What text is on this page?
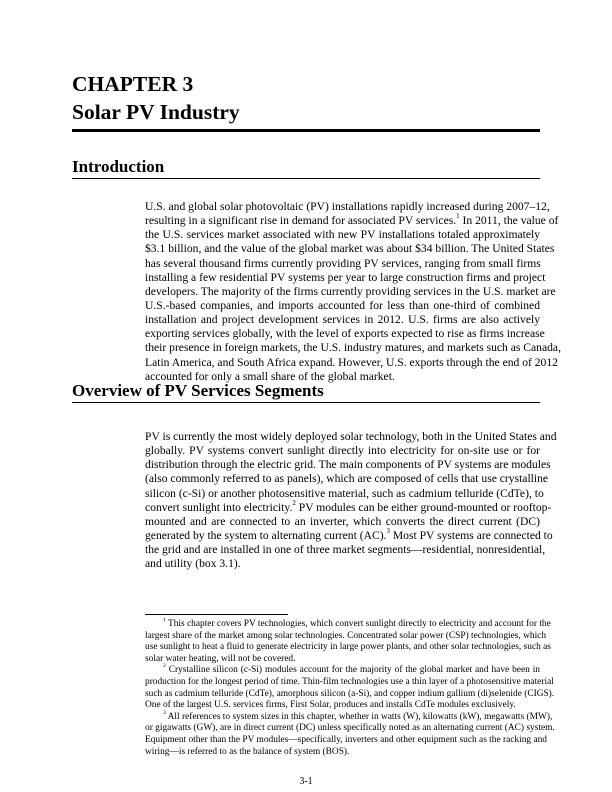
CHAPTER 3
Solar PV Industry
Introduction
U.S. and global solar photovoltaic (PV) installations rapidly increased during 2007–12,
resulting in a significant rise in demand for associated PV services.$^1$ In 2011, the value of
the U.S. services market associated with new PV installations totaled approximately
$3.1 billion, and the value of the global market was about $34 billion. The United States
has several thousand firms currently providing PV services, ranging from small firms
installing a few residential PV systems per year to large construction firms and project
developers. The majority of the firms currently providing services in the U.S. market are
U.S.-based companies, and imports accounted for less than one-third of combined
installation and project development services in 2012. U.S. firms are also actively
exporting services globally, with the level of exports expected to rise as firms increase
their presence in foreign markets, the U.S. industry matures, and markets such as Canada,
Latin America, and South Africa expand. However, U.S. exports through the end of 2012
accounted for only a small share of the global market.
Overview of PV Services Segments
PV is currently the most widely deployed solar technology, both in the United States and
globally. PV systems convert sunlight directly into electricity for on-site use or for
distribution through the electric grid. The main components of PV systems are modules
(also commonly referred to as panels), which are composed of cells that use crystalline
silicon (c-Si) or another photosensitive material, such as cadmium telluride (CdTe), to
convert sunlight into electricity.$^2$ PV modules can be either ground-mounted or rooftop-
mounted and are connected to an inverter, which converts the direct current (DC)
generated by the system to alternating current (AC).$^3$ Most PV systems are connected to
the grid and are installed in one of three market segments—residential, nonresidential,
and utility (box 3.1).
$^1$ This chapter covers PV technologies, which convert sunlight directly to electricity and account for the
largest share of the market among solar technologies. Concentrated solar power (CSP) technologies, which
use sunlight to heat a fluid to generate electricity in large power plants, and other solar technologies, such as
solar water heating, will not be covered.
$^2$ Crystalline silicon (c-Si) modules account for the majority of the global market and have been in
production for the longest period of time. Thin-film technologies use a thin layer of a photosensitive material
such as cadmium telluride (CdTe), amorphous silicon (a-Si), and copper indium gallium (di)selenide (CIGS).
One of the largest U.S. services firms, First Solar, produces and installs CdTe modules exclusively.
$^3$ All references to system sizes in this chapter, whether in watts (W), kilowatts (kW), megawatts (MW),
or gigawatts (GW), are in direct current (DC) unless specifically noted as an alternating current (AC) system.
Equipment other than the PV modules—specifically, inverters and other equipment such as the racking and
wiring—is referred to as the balance of system (BOS).
3-1
